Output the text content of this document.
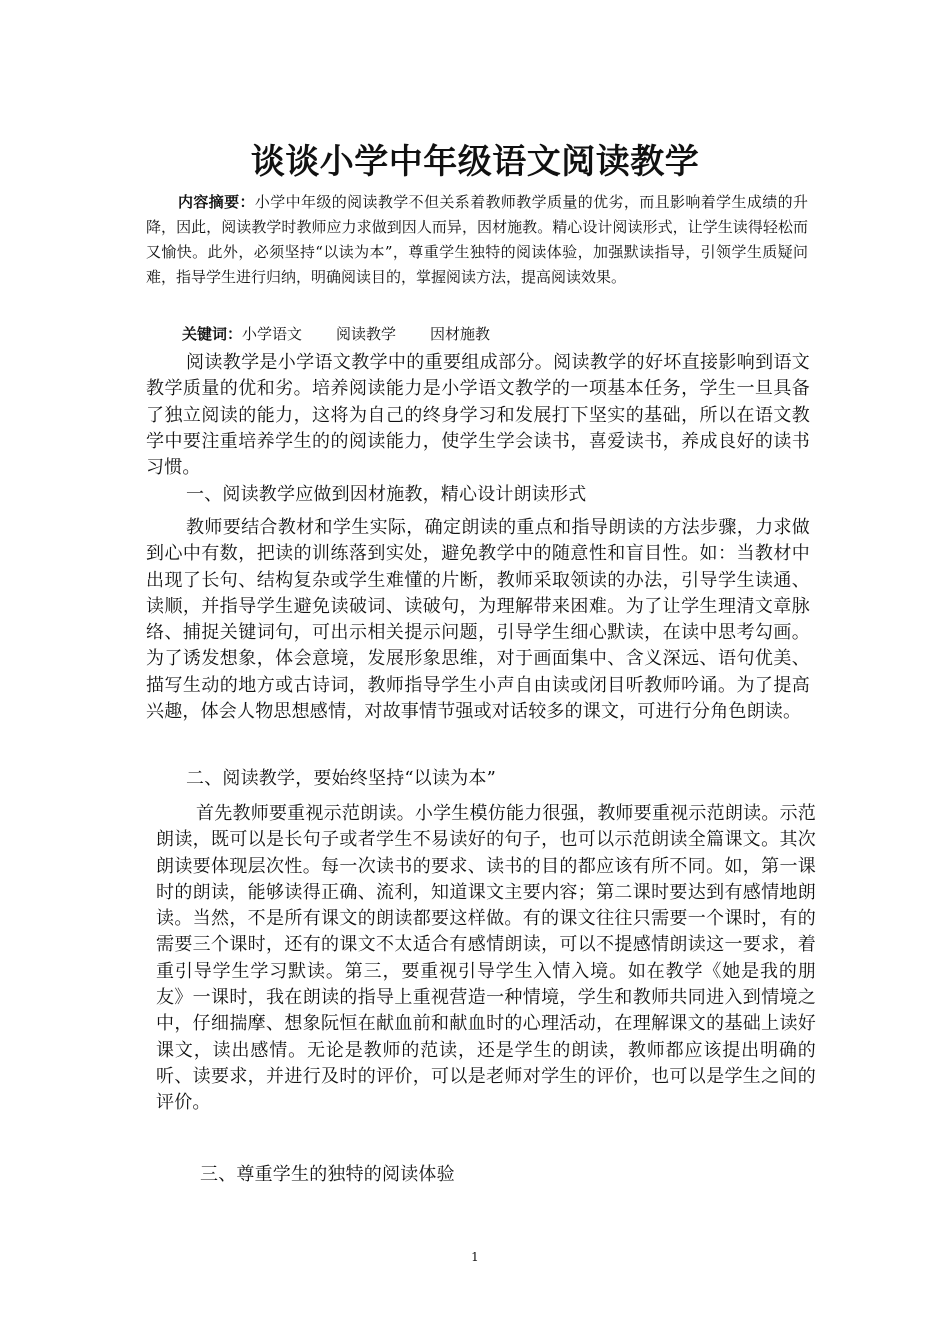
谈谈小学中年级语文阅读教学

内容摘要：小学中年级的阅读教学不但关系着教师教学质量的优劣，而且影响着学生成绩的升降，因此，阅读教学时教师应力求做到因人而异，因材施教。精心设计阅读形式，让学生读得轻松而又愉快。此外，必须坚持“以读为本”，尊重学生独特的阅读体验，加强默读指导，引领学生质疑问难，指导学生进行归纳，明确阅读目的，掌握阅读方法，提高阅读效果。

关键词：小学语文 阅读教学 因材施教

阅读教学是小学语文教学中的重要组成部分。阅读教学的好坏直接影响到语文教学质量的优和劣。培养阅读能力是小学语文教学的一项基本任务，学生一旦具备了独立阅读的能力，这将为自己的终身学习和发展打下坚实的基础，所以在语文教学中要注重培养学生的的阅读能力，使学生学会读书，喜爱读书，养成良好的读书习惯。

一、阅读教学应做到因材施教，精心设计朗读形式

教师要结合教材和学生实际，确定朗读的重点和指导朗读的方法步骤，力求做到心中有数，把读的训练落到实处，避免教学中的随意性和盲目性。如：当教材中出现了长句、结构复杂或学生难懂的片断，教师采取领读的办法，引导学生读通、读顺，并指导学生避免读破词、读破句，为理解带来困难。为了让学生理清文章脉络、捕捉关键词句，可出示相关提示问题，引导学生细心默读，在读中思考勾画。为了诱发想象，体会意境，发展形象思维，对于画面集中、含义深远、语句优美、描写生动的地方或古诗词，教师指导学生小声自由读或闭目听教师吟诵。为了提高兴趣，体会人物思想感情，对故事情节强或对话较多的课文，可进行分角色朗读。

二、阅读教学，要始终坚持“以读为本”

首先教师要重视示范朗读。小学生模仿能力很强，教师要重视示范朗读。示范朗读，既可以是长句子或者学生不易读好的句子，也可以示范朗读全篇课文。其次朗读要体现层次性。每一次读书的要求、读书的目的都应该有所不同。如，第一课时的朗读，能够读得正确、流利，知道课文主要内容；第二课时要达到有感情地朗读。当然，不是所有课文的朗读都要这样做。有的课文往往只需要一个课时，有的需要三个课时，还有的课文不太适合有感情朗读，可以不提感情朗读这一要求，着重引导学生学习默读。第三，要重视引导学生入情入境。如在教学《她是我的朋友》一课时，我在朗读的指导上重视营造一种情境，学生和教师共同进入到情境之中，仔细揣摩、想象阮恒在献血前和献血时的心理活动，在理解课文的基础上读好课文，读出感情。无论是教师的范读，还是学生的朗读，教师都应该提出明确的听、读要求，并进行及时的评价，可以是老师对学生的评价，也可以是学生之间的评价。

三、尊重学生的独特的阅读体验

1
